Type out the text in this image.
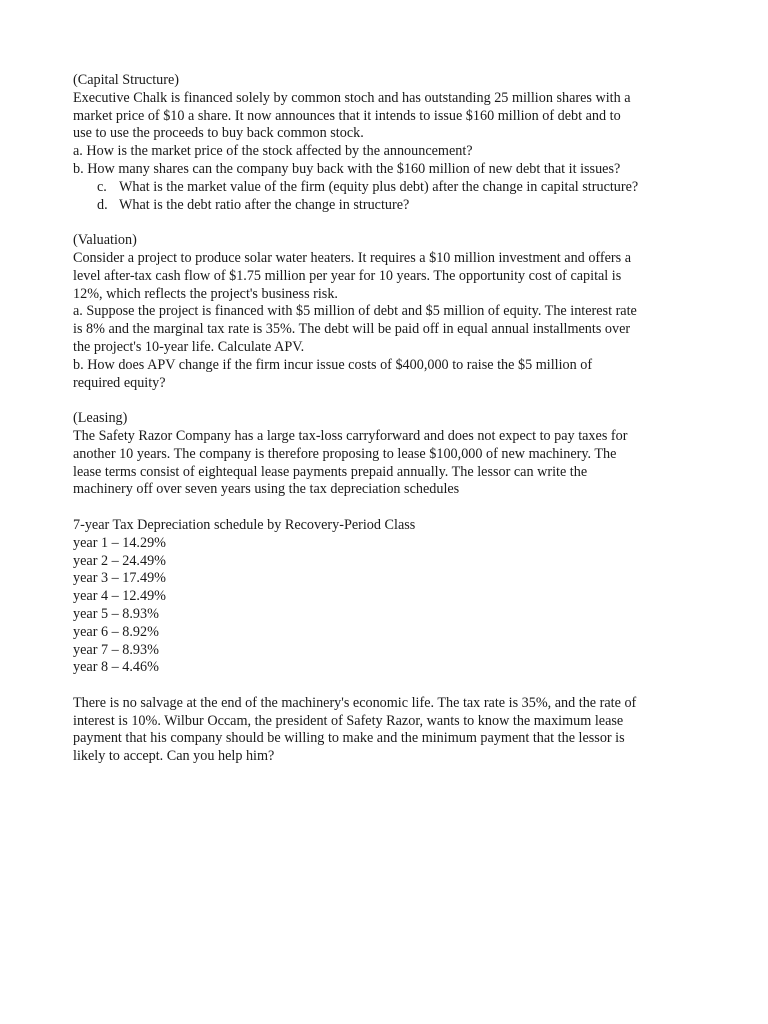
(Capital Structure)
Executive Chalk is financed solely by common stoch and has outstanding 25 million shares with a
market price of $10 a share. It now announces that it intends to issue $160 million of debt and to
use to use the proceeds to buy back common stock.
a. How is the market price of the stock affected by the announcement?
b. How many shares can the company buy back with the $160 million of new debt that it issues?
c. What is the market value of the firm (equity plus debt) after the change in capital structure?
d. What is the debt ratio after the change in structure?
(Valuation)
Consider a project to produce solar water heaters. It requires a $10 million investment and offers a
level after-tax cash flow of $1.75 million per year for 10 years. The opportunity cost of capital is
12%, which reflects the project's business risk.
a. Suppose the project is financed with $5 million of debt and $5 million of equity. The interest rate
is 8% and the marginal tax rate is 35%. The debt will be paid off in equal annual installments over
the project's 10-year life. Calculate APV.
b. How does APV change if the firm incur issue costs of $400,000 to raise the $5 million of
required equity?
(Leasing)
The Safety Razor Company has a large tax-loss carryforward and does not expect to pay taxes for
another 10 years. The company is therefore proposing to lease $100,000 of new machinery. The
lease terms consist of eightequal lease payments prepaid annually. The lessor can write the
machinery off over seven years using the tax depreciation schedules
7-year Tax Depreciation schedule by Recovery-Period Class
year 1 – 14.29%
year 2 – 24.49%
year 3 – 17.49%
year 4 – 12.49%
year 5 – 8.93%
year 6 – 8.92%
year 7 – 8.93%
year 8 – 4.46%
There is no salvage at the end of the machinery's economic life. The tax rate is 35%, and the rate of
interest is 10%. Wilbur Occam, the president of Safety Razor, wants to know the maximum lease
payment that his company should be willing to make and the minimum payment that the lessor is
likely to accept. Can you help him?
